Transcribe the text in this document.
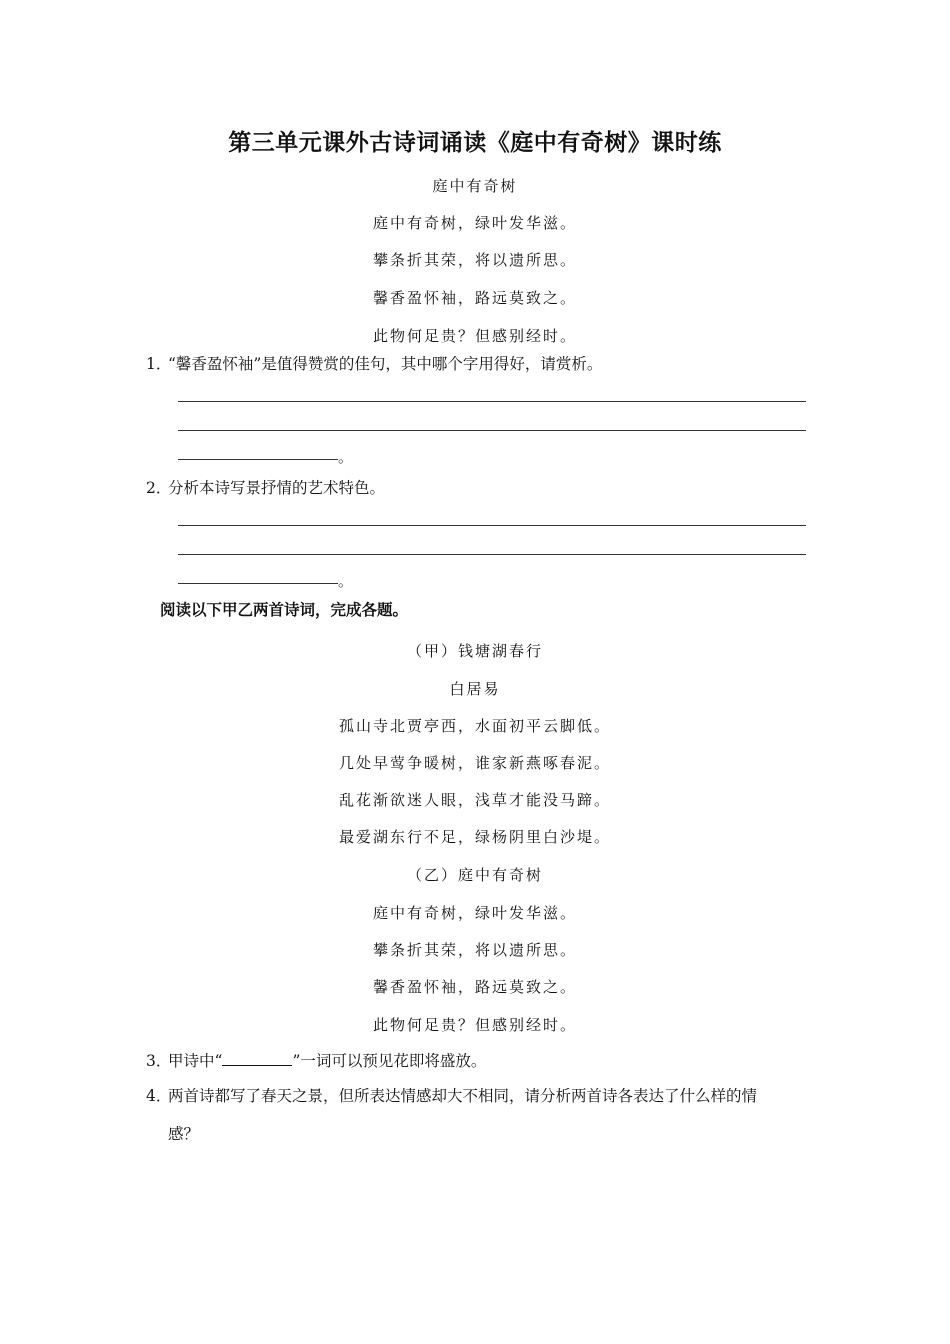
第三单元课外古诗词诵读《庭中有奇树》课时练
庭中有奇树
庭中有奇树，绿叶发华滋。
攀条折其荣，将以遗所思。
馨香盈怀袖，路远莫致之。
此物何足贵？但感别经时。
1．“馨香盈怀袖”是值得赞赏的佳句，其中哪个字用得好，请赏析。
。
2．分析本诗写景抒情的艺术特色。
。
阅读以下甲乙两首诗词，完成各题。
（甲）钱塘湖春行
白居易
孤山寺北贾亭西，水面初平云脚低。
几处早莺争暖树，谁家新燕啄春泥。
乱花渐欲迷人眼，浅草才能没马蹄。
最爱湖东行不足，绿杨阴里白沙堤。
（乙）庭中有奇树
庭中有奇树，绿叶发华滋。
攀条折其荣，将以遗所思。
馨香盈怀袖，路远莫致之。
此物何足贵？但感别经时。
3．甲诗中“	”一词可以预见花即将盛放。
4．两首诗都写了春天之景，但所表达情感却大不相同，请分析两首诗各表达了什么样的情
感？
